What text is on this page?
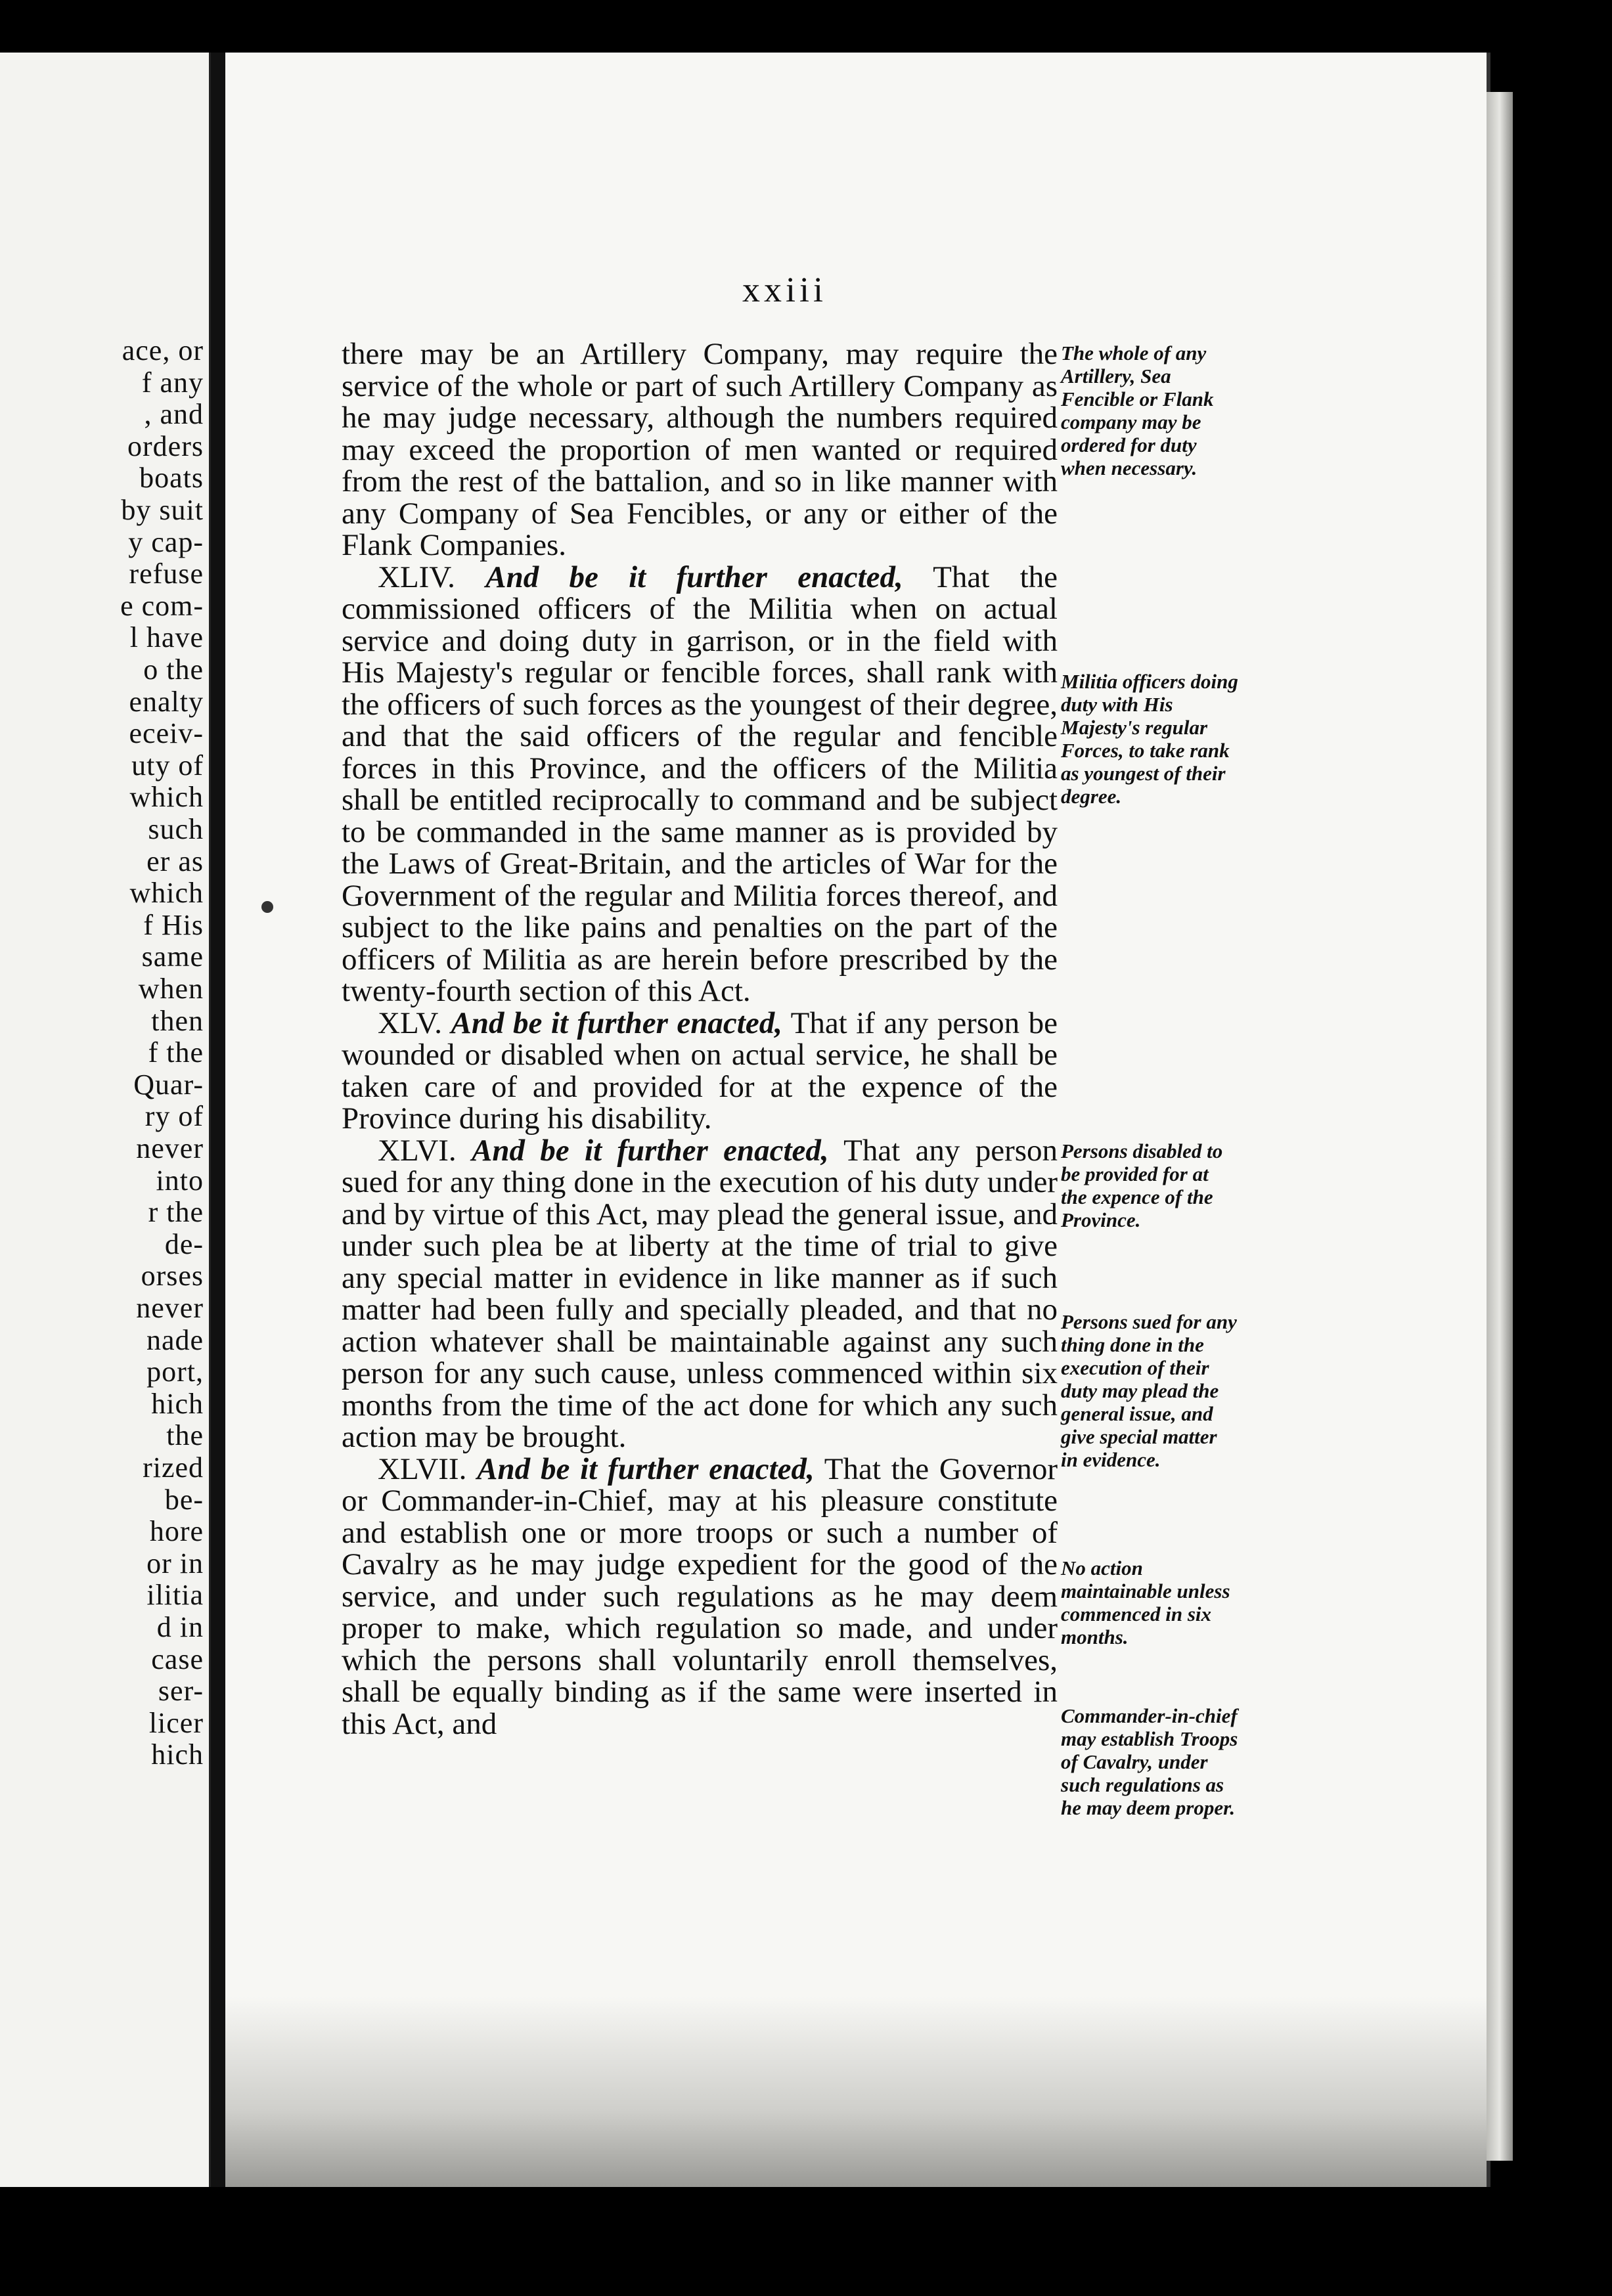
ace, or
f any
, and
orders
boats
by suit
y cap-
refuse
e com-
l have
o the
enalty
eceiv-
uty of
which
such
er as
which
f His
same
when
then
f the
Quar-
ry of
never
into
r the
de-
orses
never
nade
port,
hich
the
rized
be-
hore
or in
ilitia
d in
case
ser-
licer
hich
xxiii

there may be an Artillery Company, may require the service of the whole or part of such Artillery Company as he may judge necessary, although the numbers required may exceed the proportion of men wanted or required from the rest of the battalion, and so in like manner with any Company of Sea Fencibles, or any or either of the Flank Companies.

XLIV. And be it further enacted, That the commissioned officers of the Militia when on actual service and doing duty in garrison, or in the field with His Majesty's regular or fencible forces, shall rank with the officers of such forces as the youngest of their degree, and that the said officers of the regular and fencible forces in this Province, and the officers of the Militia shall be entitled reciprocally to command and be subject to be commanded in the same manner as is provided by the Laws of Great-Britain, and the articles of War for the Government of the regular and Militia forces thereof, and subject to the like pains and penalties on the part of the officers of Militia as are herein before prescribed by the twenty-fourth section of this Act.

XLV. And be it further enacted, That if any person be wounded or disabled when on actual service, he shall be taken care of and provided for at the expence of the Province during his disability.

XLVI. And be it further enacted, That any person sued for any thing done in the execution of his duty under and by virtue of this Act, may plead the general issue, and under such plea be at liberty at the time of trial to give any special matter in evidence in like manner as if such matter had been fully and specially pleaded, and that no action whatever shall be maintainable against any such person for any such cause, unless commenced within six months from the time of the act done for which any such action may be brought.

XLVII. And be it further enacted, That the Governor or Commander-in-Chief, may at his pleasure constitute and establish one or more troops or such a number of Cavalry as he may judge expedient for the good of the service, and under such regulations as he may deem proper to make, which regulation so made, and under which the persons shall voluntarily enroll themselves, shall be equally binding as if the same were inserted in this Act, and

The whole of any Artillery, Sea Fencible or Flank company may be ordered for duty when necessary.
Militia officers doing duty with His Majesty's regular Forces, to take rank as youngest of their degree.
Persons disabled to be provided for at the expence of the Province.
Persons sued for any thing done in the execution of their duty may plead the general issue, and give special matter in evidence.
No action maintainable unless commenced in six months.
Commander-in-chief may establish Troops of Cavalry, under such regulations as he may deem proper.
